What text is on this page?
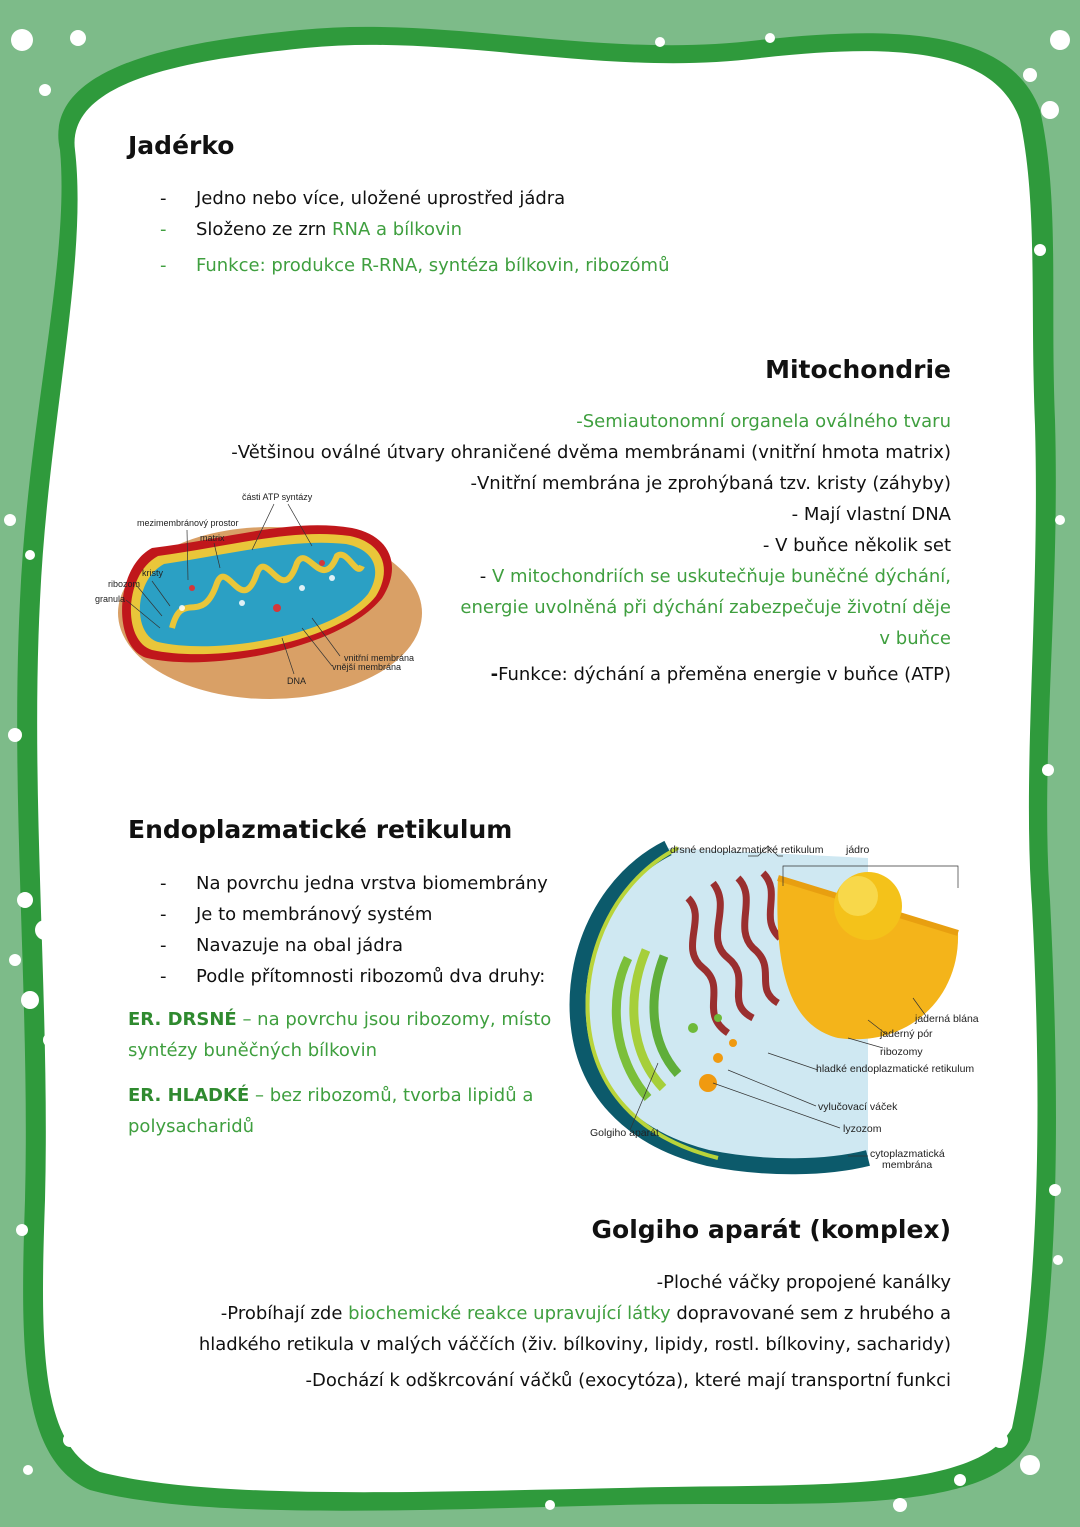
Jadérko
- Jedno nebo více, uložené uprostřed jádra
- Složeno ze zrn RNA a bílkovin
- Funkce: produkce R-RNA, syntéza bílkovin, ribozómů
Mitochondrie
-Semiautonomní organela oválného tvaru
-Většinou oválné útvary ohraničené dvěma membránami (vnitřní hmota matrix)
-Vnitřní membrána je zprohýbaná tzv. kristy (záhyby)
- Mají vlastní DNA
- V buňce několik set
- V mitochondriích se uskutečňuje buněčné dýchání,
energie uvolněná při dýchání zabezpečuje životní děje
v buňce
-Funkce: dýchání a přeměna energie v buňce (ATP)
části ATP syntázy
mezimembránový prostor
matrix
kristy
ribozom
granula
vnitřní membrána
vnější membrána
DNA
Endoplazmatické retikulum
- Na povrchu jedna vrstva biomembrány
- Je to membránový systém
- Navazuje na obal jádra
- Podle přítomnosti ribozomů dva druhy:

ER. DRSNÉ – na povrchu jsou ribozomy, místo
syntézy buněčných bílkovin

ER. HLADKÉ – bez ribozomů, tvorba lipidů a
polysacharidů

drsné endoplazmatické retikulum jádro
jaderná blána
jaderný pór
ribozomy
hladké endoplazmatické retikulum
vylučovací váček
lyzozom
Golgiho aparát
cytoplazmatická
membrána
Golgiho aparát (komplex)
-Ploché váčky propojené kanálky
-Probíhají zde biochemické reakce upravující látky dopravované sem z hrubého a
hladkého retikula v malých váččích (živ. bílkoviny, lipidy, rostl. bílkoviny, sacharidy)
-Dochází k odškrcování váčků (exocytóza), které mají transportní funkci
